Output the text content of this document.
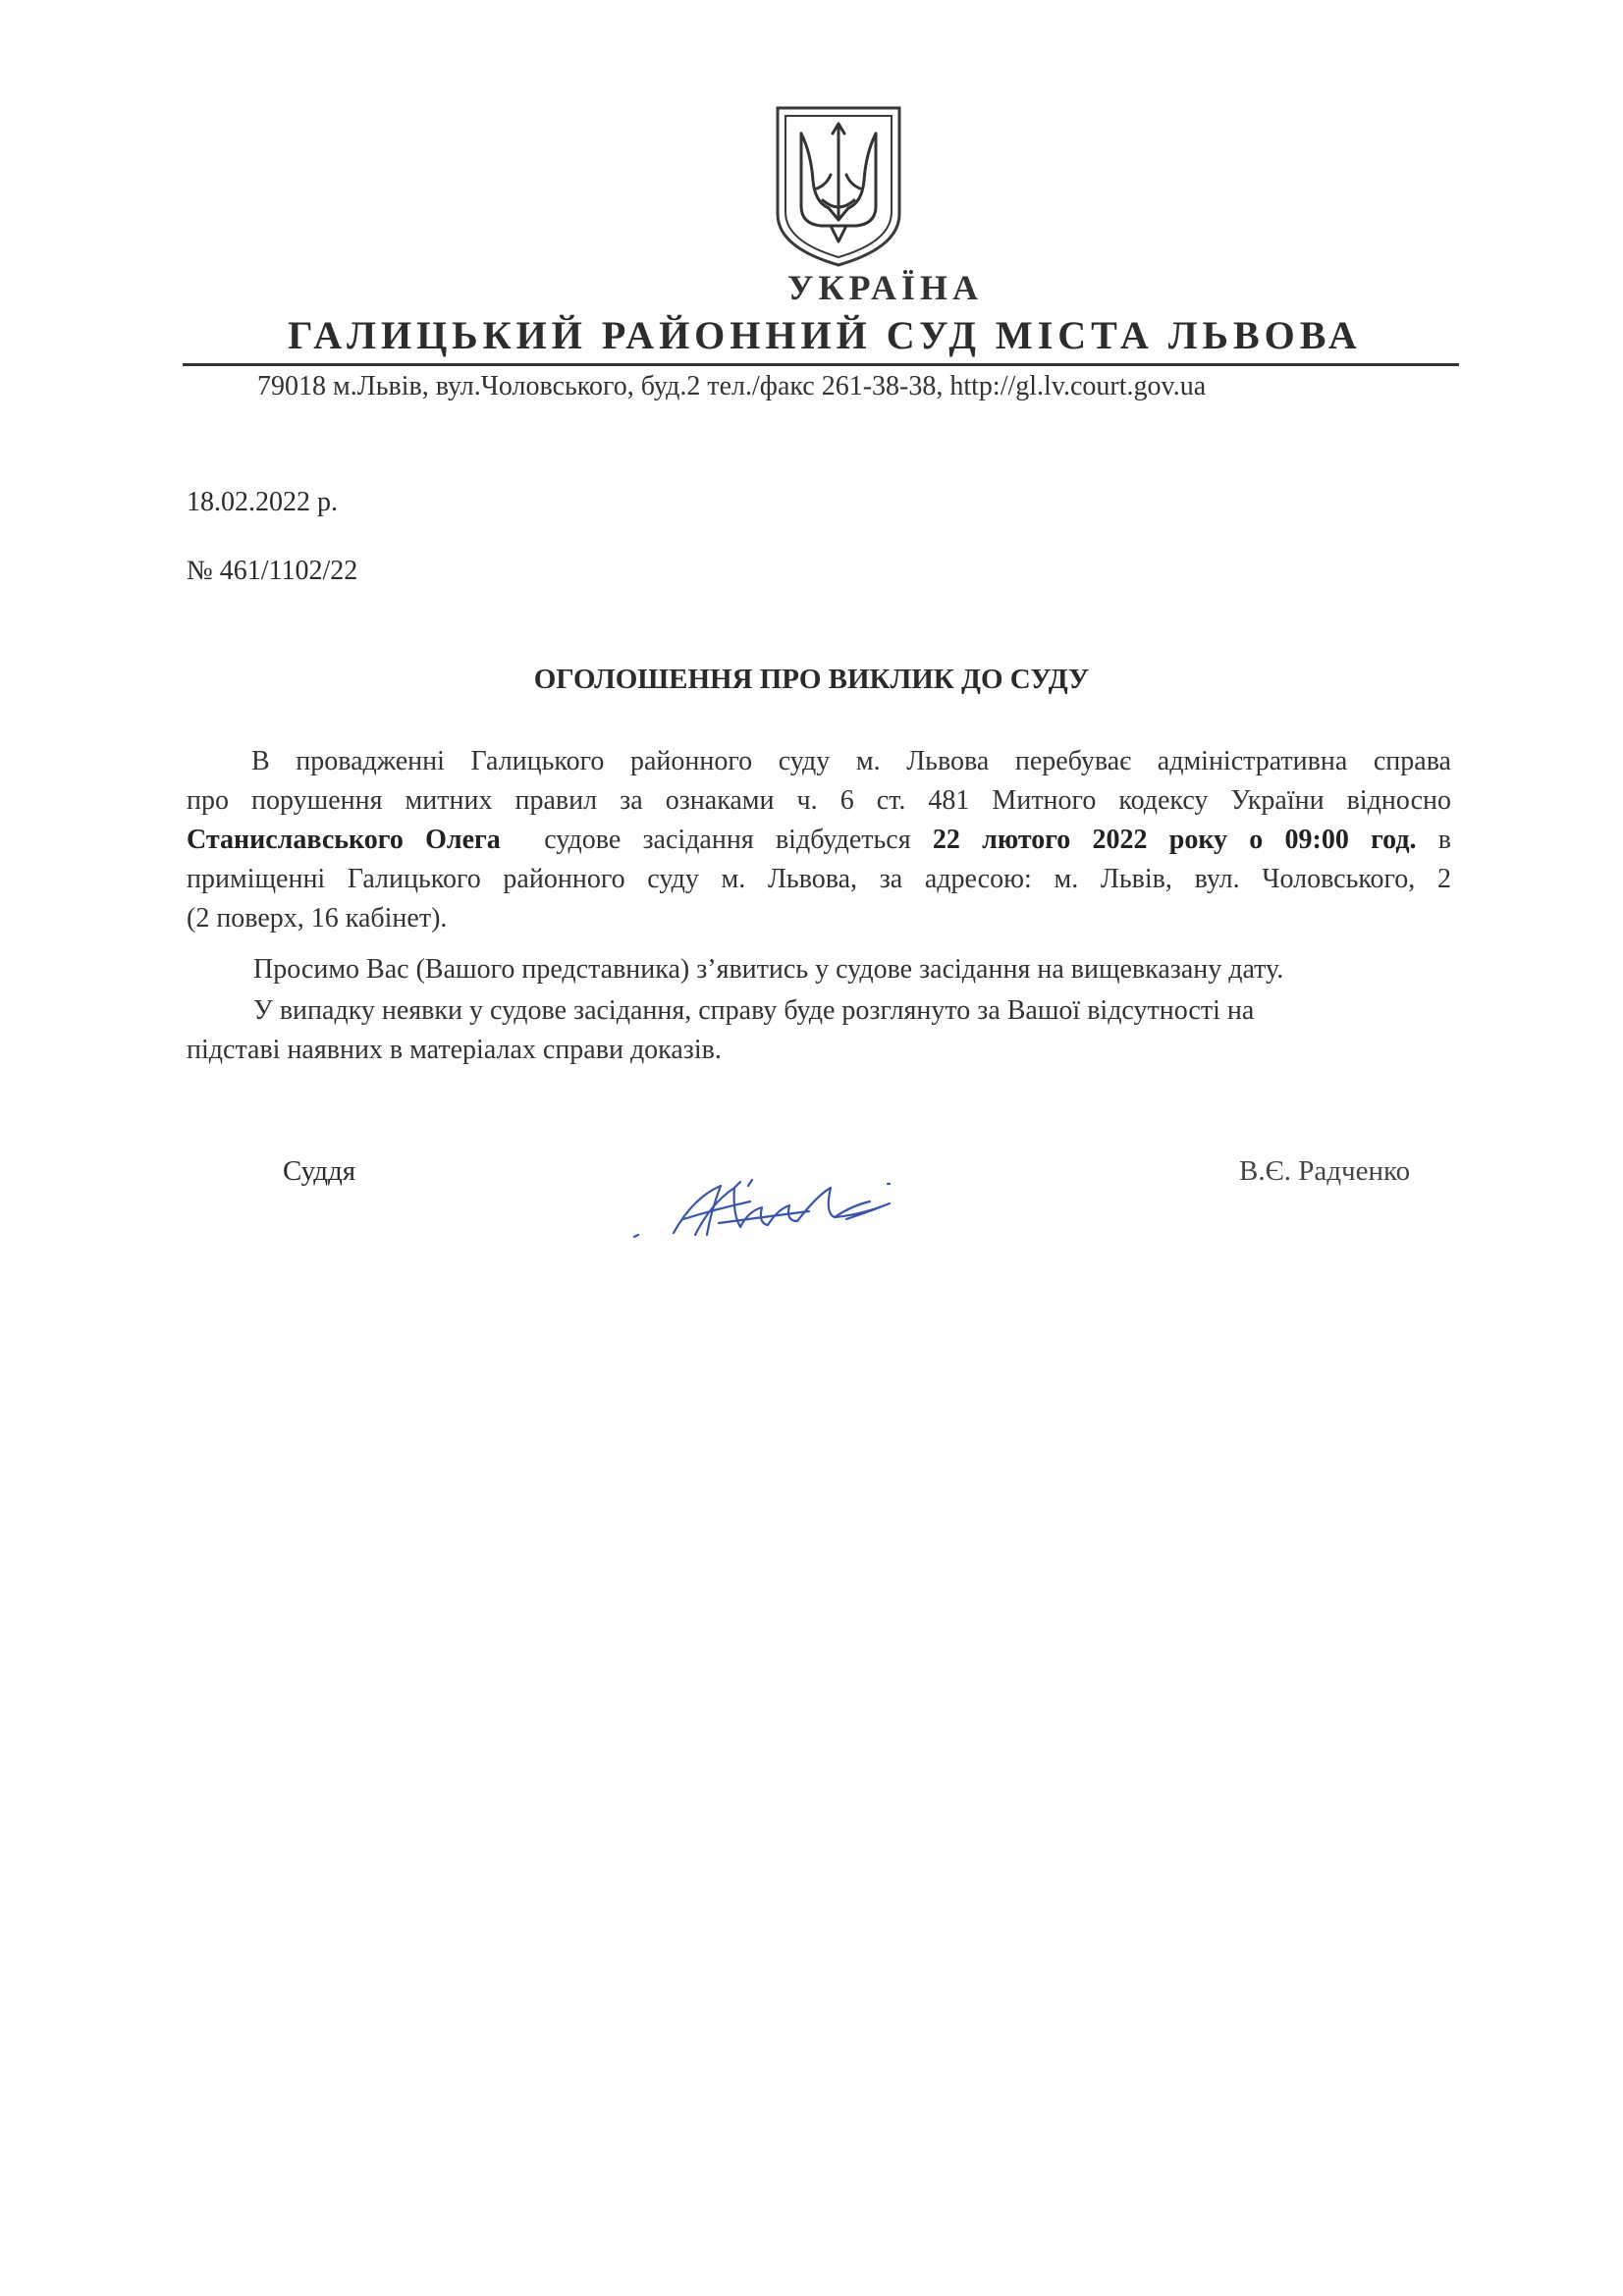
УКРАЇНА
ГАЛИЦЬКИЙ РАЙОННИЙ СУД МІСТА ЛЬВОВА
79018 м.Львів, вул.Чоловського, буд.2 тел./факс 261-38-38, http://gl.lv.court.gov.ua
18.02.2022 р.
№ 461/1102/22
ОГОЛОШЕННЯ ПРО ВИКЛИК ДО СУДУ
В провадженні Галицького районного суду м. Львова перебуває адміністративна справа
про порушення митних правил за ознаками ч. 6 ст. 481 Митного кодексу України відносно
Станиславського Олега  судове засідання відбудеться 22 лютого 2022 року о 09:00 год. в
приміщенні Галицького районного суду м. Львова, за адресою: м. Львів, вул. Чоловського, 2
(2 поверх, 16 кабінет).
Просимо Вас (Вашого представника) з’явитись у судове засідання на вищевказану дату.
У випадку неявки у судове засідання, справу буде розглянуто за Вашої відсутності на
підставі наявних в матеріалах справи доказів.
Суддя	В.Є. Радченко
